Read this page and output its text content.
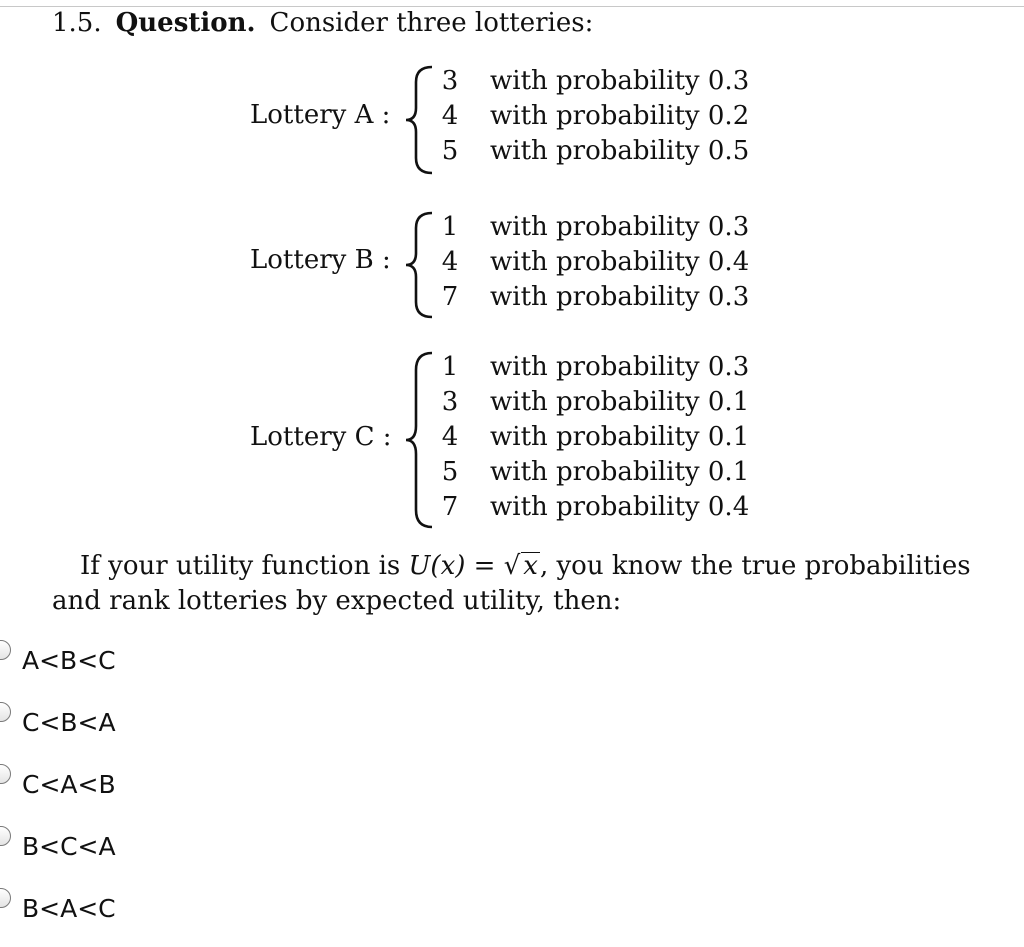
1.5. Question. Consider three lotteries:
Lottery A :
3 with probability 0.3
4 with probability 0.2
5 with probability 0.5
Lottery B :
1 with probability 0.3
4 with probability 0.4
7 with probability 0.3
Lottery C :
1 with probability 0.3
3 with probability 0.1
4 with probability 0.1
5 with probability 0.1
7 with probability 0.4
If your utility function is U(x) = √ x, you know the true probabilities and rank lotteries by expected utility, then:
A<B<C
C<B<A
C<A<B
B<C<A
B<A<C
